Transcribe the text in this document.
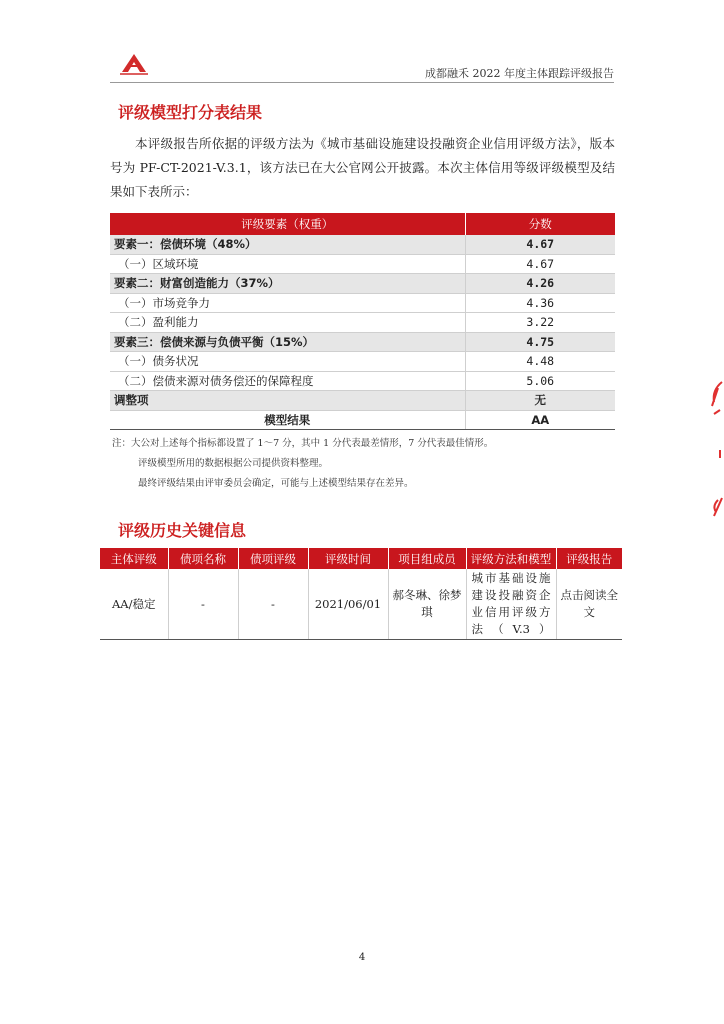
成都融禾 2022 年度主体跟踪评级报告
评级模型打分表结果
本评级报告所依据的评级方法为《城市基础设施建设投融资企业信用评级方法》，版本号为 PF-CT-2021-V.3.1，该方法已在大公官网公开披露。本次主体信用等级评级模型及结果如下表所示：
评级要素（权重）	分数
要素一：偿债环境（48%）	4.67
（一）区域环境	4.67
要素二：财富创造能力（37%）	4.26
（一）市场竞争力	4.36
（二）盈利能力	3.22
要素三：偿债来源与负债平衡（15%）	4.75
（一）债务状况	4.48
（二）偿债来源对债务偿还的保障程度	5.06
调整项	无
模型结果	AA
注：大公对上述每个指标都设置了 1～7 分，其中 1 分代表最差情形，7 分代表最佳情形。
评级模型所用的数据根据公司提供资料整理。
最终评级结果由评审委员会确定，可能与上述模型结果存在差异。
评级历史关键信息
主体评级	债项名称	债项评级	评级时间	项目组成员	评级方法和模型	评级报告
AA/稳定	-	-	2021/06/01	郝冬琳、徐梦琪	城市基础设施建设投融资企业信用评级方法（V.3）	点击阅读全文
4
